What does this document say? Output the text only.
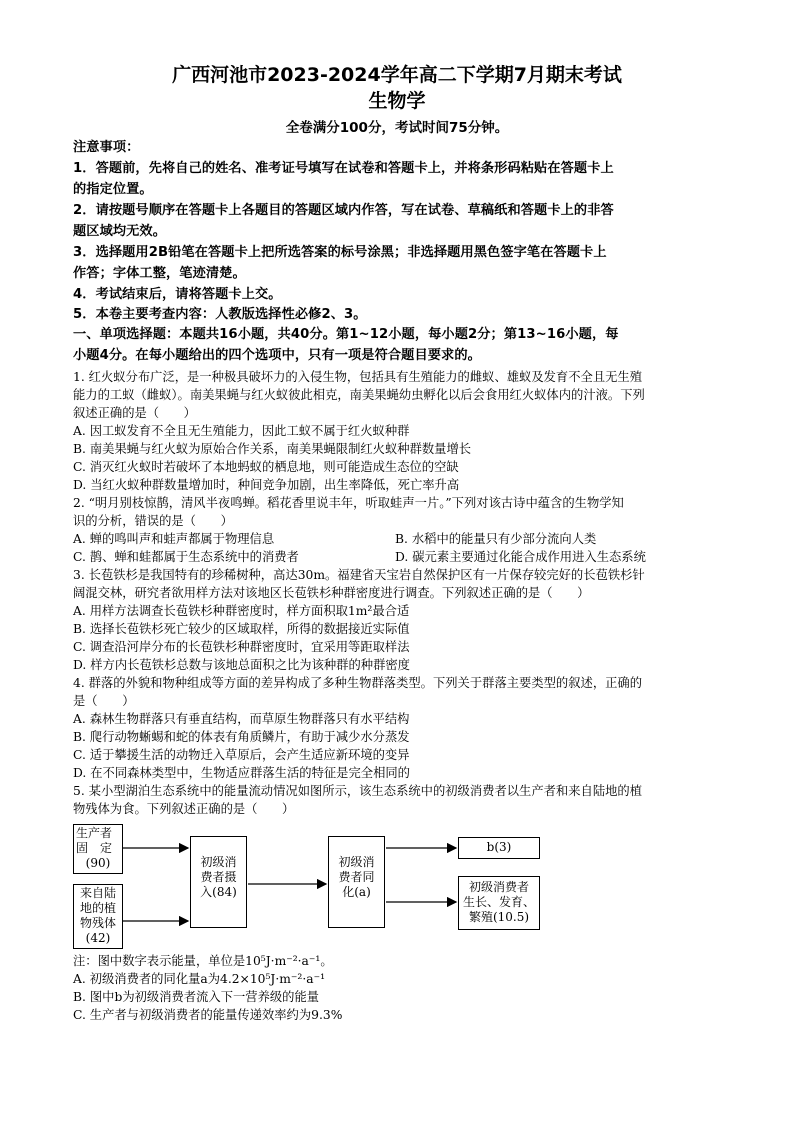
广西河池市2023-2024学年高二下学期7月期末考试
生物学
全卷满分100分，考试时间75分钟。
注意事项：
1．答题前，先将自己的姓名、准考证号填写在试卷和答题卡上，并将条形码粘贴在答题卡上
的指定位置。
2．请按题号顺序在答题卡上各题目的答题区域内作答，写在试卷、草稿纸和答题卡上的非答
题区域均无效。
3．选择题用2B铅笔在答题卡上把所选答案的标号涂黑；非选择题用黑色签字笔在答题卡上
作答；字体工整，笔迹清楚。
4．考试结束后，请将答题卡上交。
5．本卷主要考查内容：人教版选择性必修2、3。
一、单项选择题：本题共16小题，共40分。第1~12小题，每小题2分；第13~16小题，每
小题4分。在每小题给出的四个选项中，只有一项是符合题目要求的。
1. 红火蚁分布广泛，是一种极具破坏力的入侵生物，包括具有生殖能力的雌蚁、雄蚁及发育不全且无生殖
能力的工蚁（雌蚁）。南美果蝇与红火蚁彼此相克，南美果蝇幼虫孵化以后会食用红火蚁体内的汁液。下列
叙述正确的是（　　）
A. 因工蚁发育不全且无生殖能力，因此工蚁不属于红火蚁种群
B. 南美果蝇与红火蚁为原始合作关系，南美果蝇限制红火蚁种群数量增长
C. 消灭红火蚁时若破坏了本地蚂蚁的栖息地，则可能造成生态位的空缺
D. 当红火蚁种群数量增加时，种间竞争加剧，出生率降低，死亡率升高
2. “明月别枝惊鹊，清风半夜鸣蝉。稻花香里说丰年，听取蛙声一片。”下列对该古诗中蕴含的生物学知
识的分析，错误的是（　　）
A. 蝉的鸣叫声和蛙声都属于物理信息	B. 水稻中的能量只有少部分流向人类
C. 鹊、蝉和蛙都属于生态系统中的消费者	D. 碳元素主要通过化能合成作用进入生态系统
3. 长苞铁杉是我国特有的珍稀树种，高达30m。福建省天宝岩自然保护区有一片保存较完好的长苞铁杉针
阔混交林，研究者欲用样方法对该地区长苞铁杉种群密度进行调查。下列叙述正确的是（　　）
A. 用样方法调查长苞铁杉种群密度时，样方面积取1m²最合适
B. 选择长苞铁杉死亡较少的区域取样，所得的数据接近实际值
C. 调查沿河岸分布的长苞铁杉种群密度时，宜采用等距取样法
D. 样方内长苞铁杉总数与该地总面积之比为该种群的种群密度
4. 群落的外貌和物种组成等方面的差异构成了多种生物群落类型。下列关于群落主要类型的叙述，正确的
是（　　）
A. 森林生物群落只有垂直结构，而草原生物群落只有水平结构
B. 爬行动物蜥蜴和蛇的体表有角质鳞片，有助于减少水分蒸发
C. 适于攀援生活的动物迁入草原后，会产生适应新环境的变异
D. 在不同森林类型中，生物适应群落生活的特征是完全相同的
5. 某小型湖泊生态系统中的能量流动情况如图所示，该生态系统中的初级消费者以生产者和来自陆地的植
物残体为食。下列叙述正确的是（　　）
生产者
固　定
(90)
来自陆
地的植
物残体
(42)
初级消
费者摄
入(84)
初级消
费者同
化(a)
b(3)
初级消费者
生长、发育、
繁殖(10.5)
注：图中数字表示能量，单位是10⁵J·m⁻²·a⁻¹。
A. 初级消费者的同化量a为4.2×10⁵J·m⁻²·a⁻¹
B. 图中b为初级消费者流入下一营养级的能量
C. 生产者与初级消费者的能量传递效率约为9.3%
